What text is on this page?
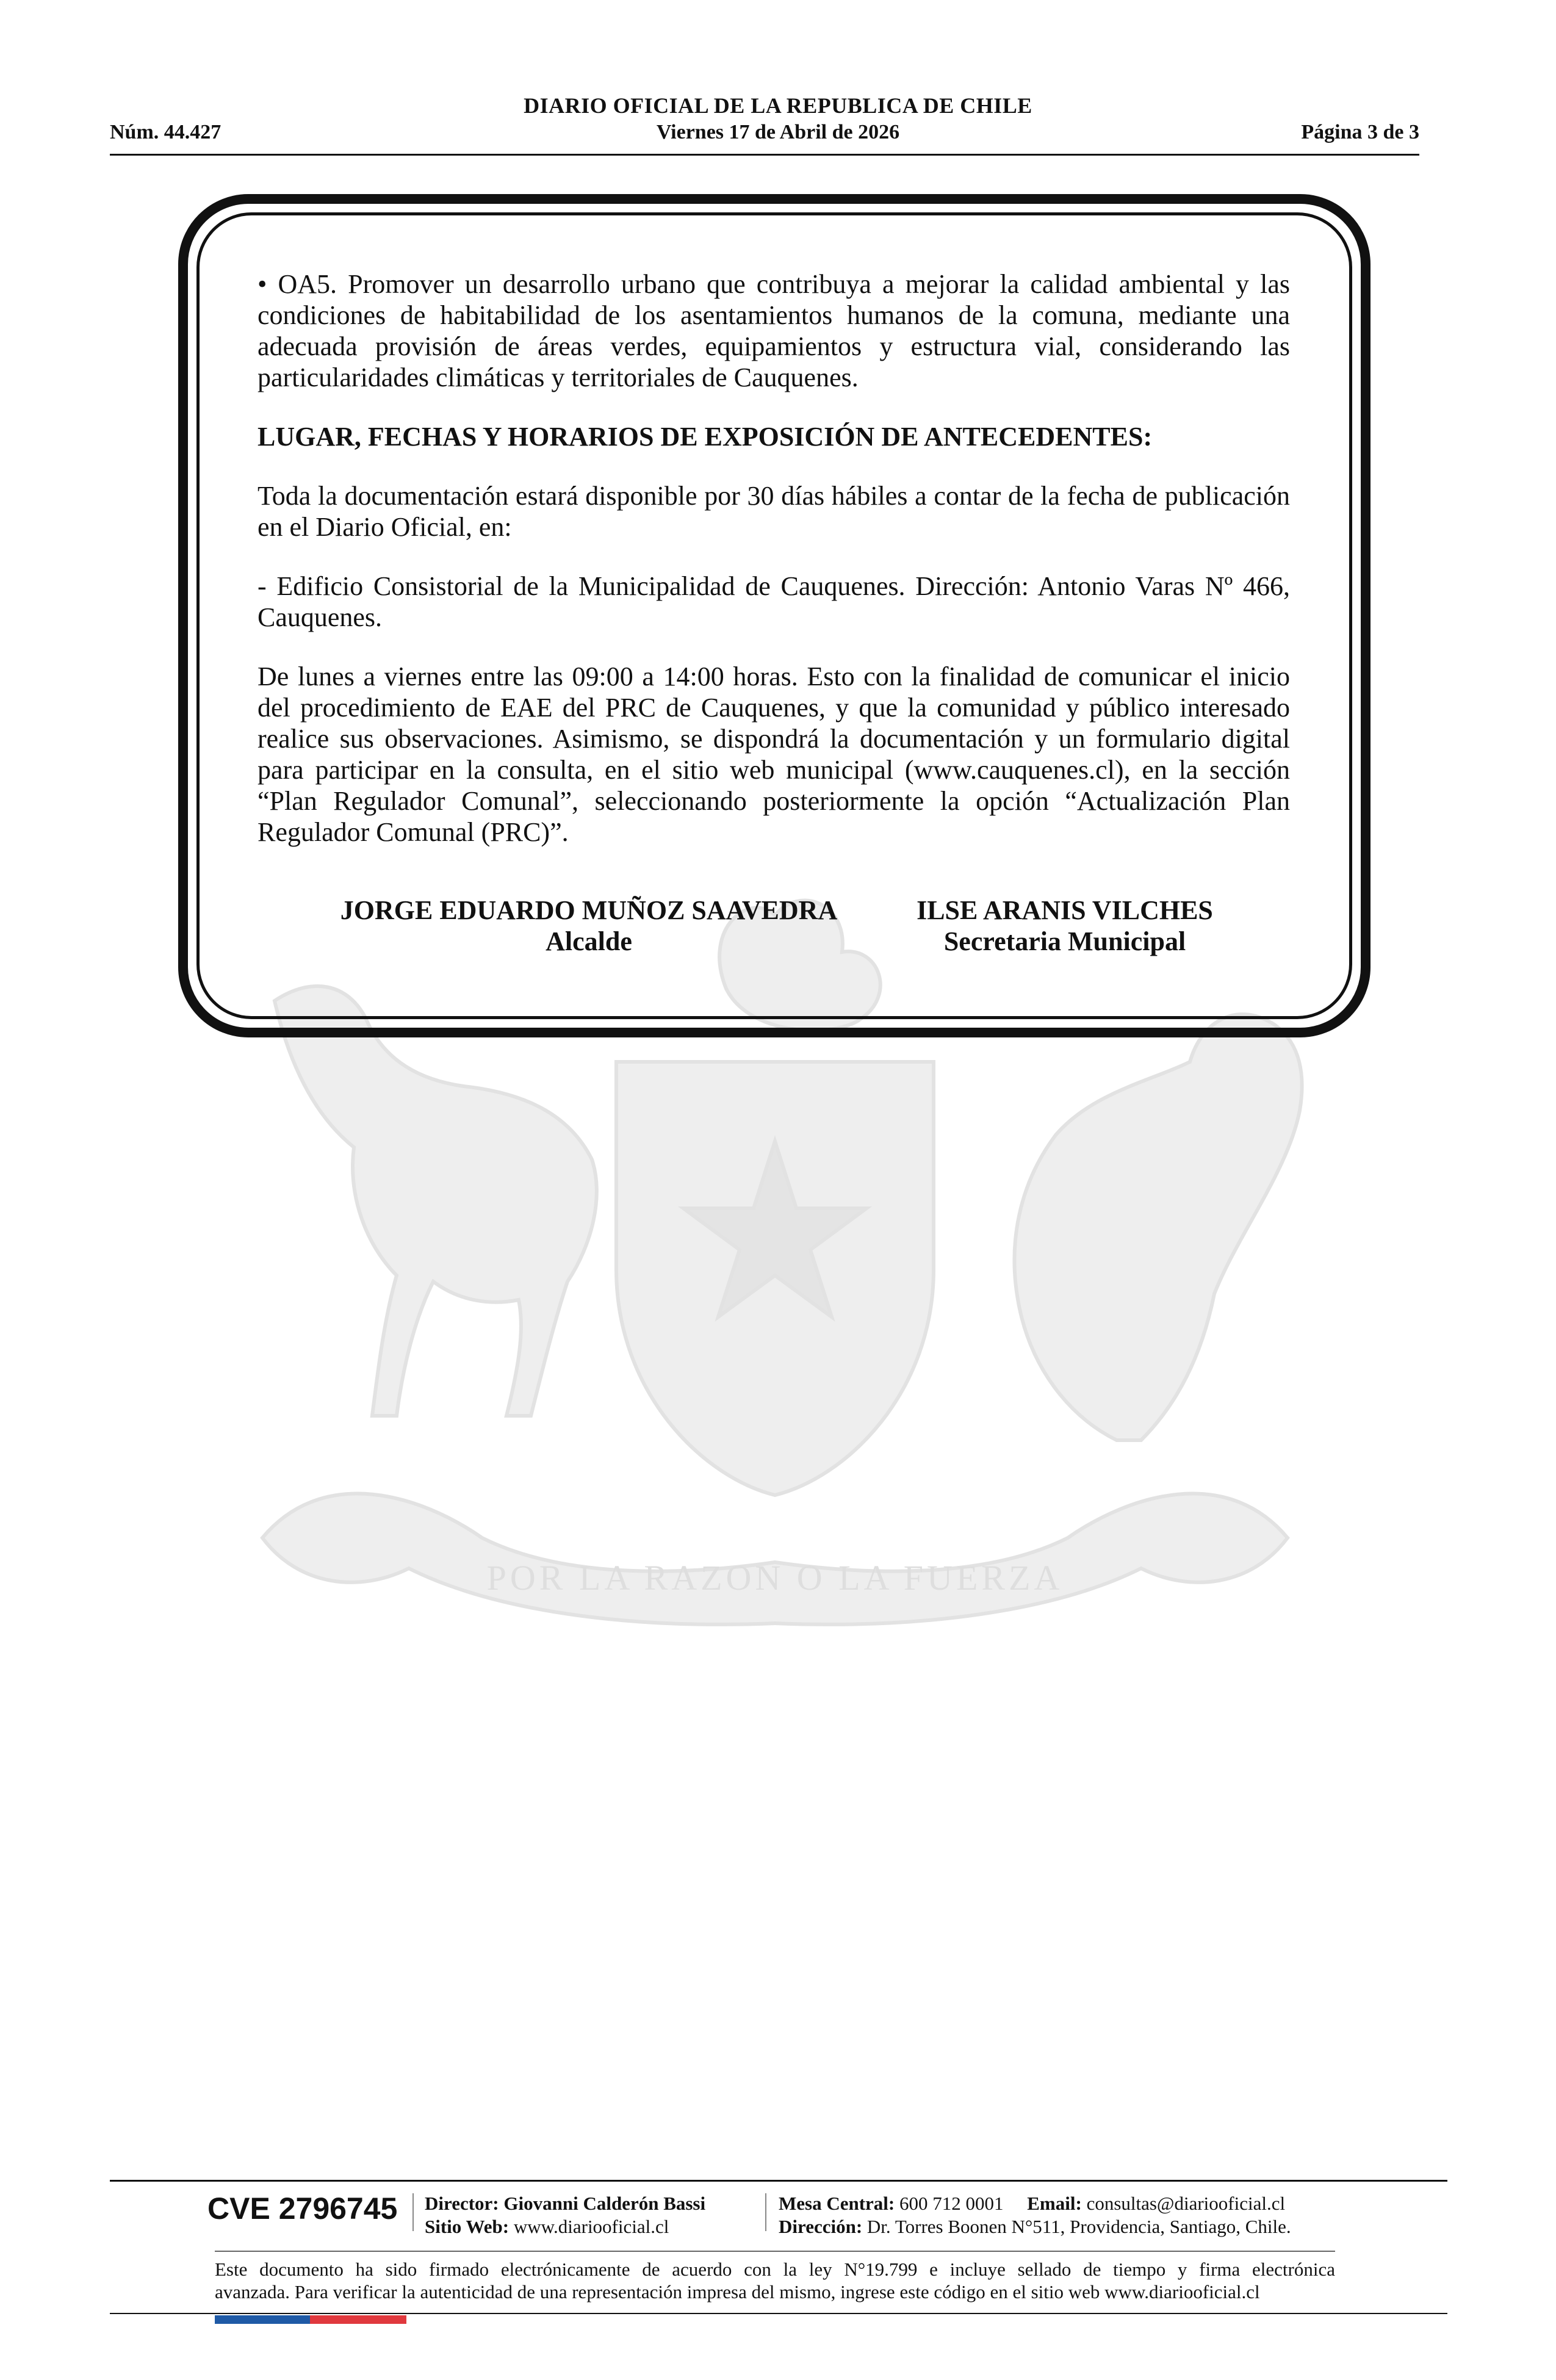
DIARIO OFICIAL DE LA REPUBLICA DE CHILE
Núm. 44.427	Viernes 17 de Abril de 2026	Página 3 de 3
POR LA RAZON O LA FUERZA

• OA5. Promover un desarrollo urbano que contribuya a mejorar la calidad ambiental y las condiciones de habitabilidad de los asentamientos humanos de la comuna, mediante una adecuada provisión de áreas verdes, equipamientos y estructura vial, considerando las particularidades climáticas y territoriales de Cauquenes.

LUGAR, FECHAS Y HORARIOS DE EXPOSICIÓN DE ANTECEDENTES:

Toda la documentación estará disponible por 30 días hábiles a contar de la fecha de publicación en el Diario Oficial, en:

- Edificio Consistorial de la Municipalidad de Cauquenes. Dirección: Antonio Varas Nº 466, Cauquenes.

De lunes a viernes entre las 09:00 a 14:00 horas. Esto con la finalidad de comunicar el inicio del procedimiento de EAE del PRC de Cauquenes, y que la comunidad y público interesado realice sus observaciones. Asimismo, se dispondrá la documentación y un formulario digital para participar en la consulta, en el sitio web municipal (www.cauquenes.cl), en la sección “Plan Regulador Comunal”, seleccionando posteriormente la opción “Actualización Plan Regulador Comunal (PRC)”.

JORGE EDUARDO MUÑOZ SAAVEDRA
Alcalde
ILSE ARANIS VILCHES
Secretaria Municipal
CVE 2796745 Director: Giovanni Calderón Bassi
Sitio Web: www.diariooficial.cl
Mesa Central: 600 712 0001 Email: consultas@diariooficial.cl
Dirección: Dr. Torres Boonen N°511, Providencia, Santiago, Chile.
Este documento ha sido firmado electrónicamente de acuerdo con la ley N°19.799 e incluye sellado de tiempo y firma electrónica
avanzada. Para verificar la autenticidad de una representación impresa del mismo, ingrese este código en el sitio web www.diariooficial.cl
